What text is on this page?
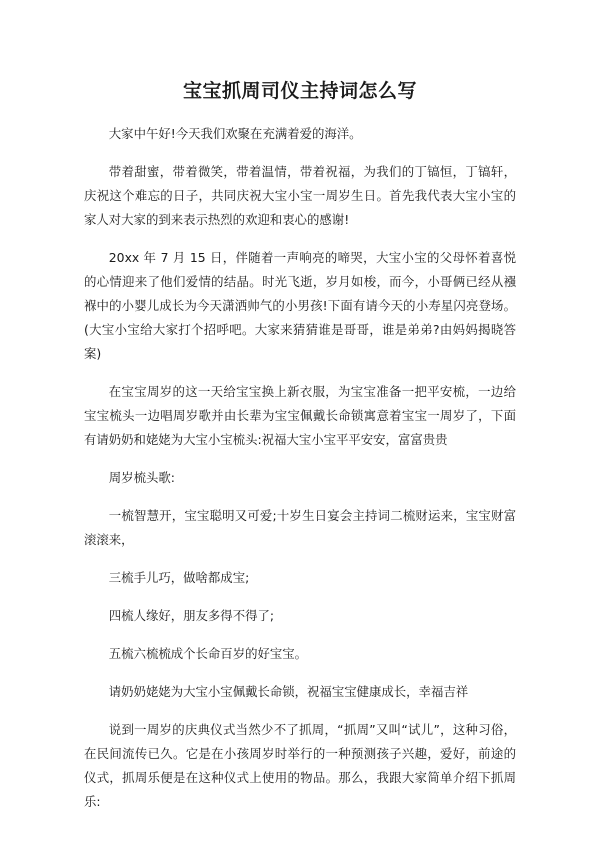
宝宝抓周司仪主持词怎么写

大家中午好!今天我们欢聚在充满着爱的海洋。

带着甜蜜，带着微笑，带着温情，带着祝福，为我们的丁镐恒，丁镐轩，庆祝这个难忘的日子，共同庆祝大宝小宝一周岁生日。首先我代表大宝小宝的家人对大家的到来表示热烈的欢迎和衷心的感谢!

20xx 年 7 月 15 日，伴随着一声响亮的啼哭，大宝小宝的父母怀着喜悦的心情迎来了他们爱情的结晶。时光飞逝，岁月如梭，而今，小哥俩已经从襁褓中的小婴儿成长为今天潇洒帅气的小男孩!下面有请今天的小寿星闪亮登场。(大宝小宝给大家打个招呼吧。大家来猜猜谁是哥哥，谁是弟弟?由妈妈揭晓答案)

在宝宝周岁的这一天给宝宝换上新衣服，为宝宝准备一把平安梳，一边给宝宝梳头一边唱周岁歌并由长辈为宝宝佩戴长命锁寓意着宝宝一周岁了，下面有请奶奶和姥姥为大宝小宝梳头:祝福大宝小宝平平安安，富富贵贵

周岁梳头歌:

一梳智慧开，宝宝聪明又可爱;十岁生日宴会主持词二梳财运来，宝宝财富滚滚来，

三梳手儿巧，做啥都成宝;

四梳人缘好，朋友多得不得了;

五梳六梳梳成个长命百岁的好宝宝。

请奶奶姥姥为大宝小宝佩戴长命锁，祝福宝宝健康成长，幸福吉祥

说到一周岁的庆典仪式当然少不了抓周，“抓周”又叫“试儿”，这种习俗，在民间流传已久。它是在小孩周岁时举行的一种预测孩子兴趣，爱好，前途的仪式，抓周乐便是在这种仪式上使用的物品。那么，我跟大家简单介绍下抓周乐:
